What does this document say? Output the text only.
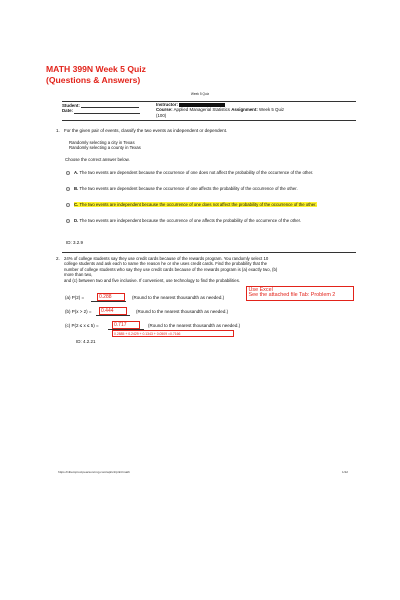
MATH 399N Week 5 Quiz
(Questions & Answers)
Week 5 Quiz
Student:
Date:
Instructor:
Course: Applied Managerial Statistics Assignment: Week 5 Quiz
(100)
1. For the given pair of events, classify the two events as independent or dependent.
Randomly selecting a city in Texas
Randomly selecting a county in Texas
Choose the correct answer below.
A. The two events are dependent because the occurrence of one does not affect the probability of the occurrence of the other.
B. The two events are dependent because the occurrence of one affects the probability of the occurrence of the other.
C. The two events are independent because the occurrence of one does not affect the probability of the occurrence of the other.
D. The two events are independent because the occurrence of one affects the probability of the occurrence of the other.
ID: 3.2.9
2. 24% of college students say they use credit cards because of the rewards program. You randomly select 10
college students and ask each to name the reason he or she uses credit cards. Find the probability that the
number of college students who say they use credit cards because of the rewards program is (a) exactly two, (b)
more than two,
and (c) between two and five inclusive. If convenient, use technology to find the probabilities.
(a) P(2) =	0.288	(Round to the nearest thousandth as needed.)
Use Excel
See the attached file Tab: Problem 2
(b) P(x > 2) =	0.444	(Round to the nearest thousandth as needed.)
(c) P(2 ≤ x ≤ 5) =	0.717	(Round to the nearest thousandth as needed.)
0.2885 + 0.2429 + 0.1343 + 0.0509 =0.7166
ID: 4.2.21
https://xlitemprod.pearsoncmg.com/api/v1/print/math	1/12
